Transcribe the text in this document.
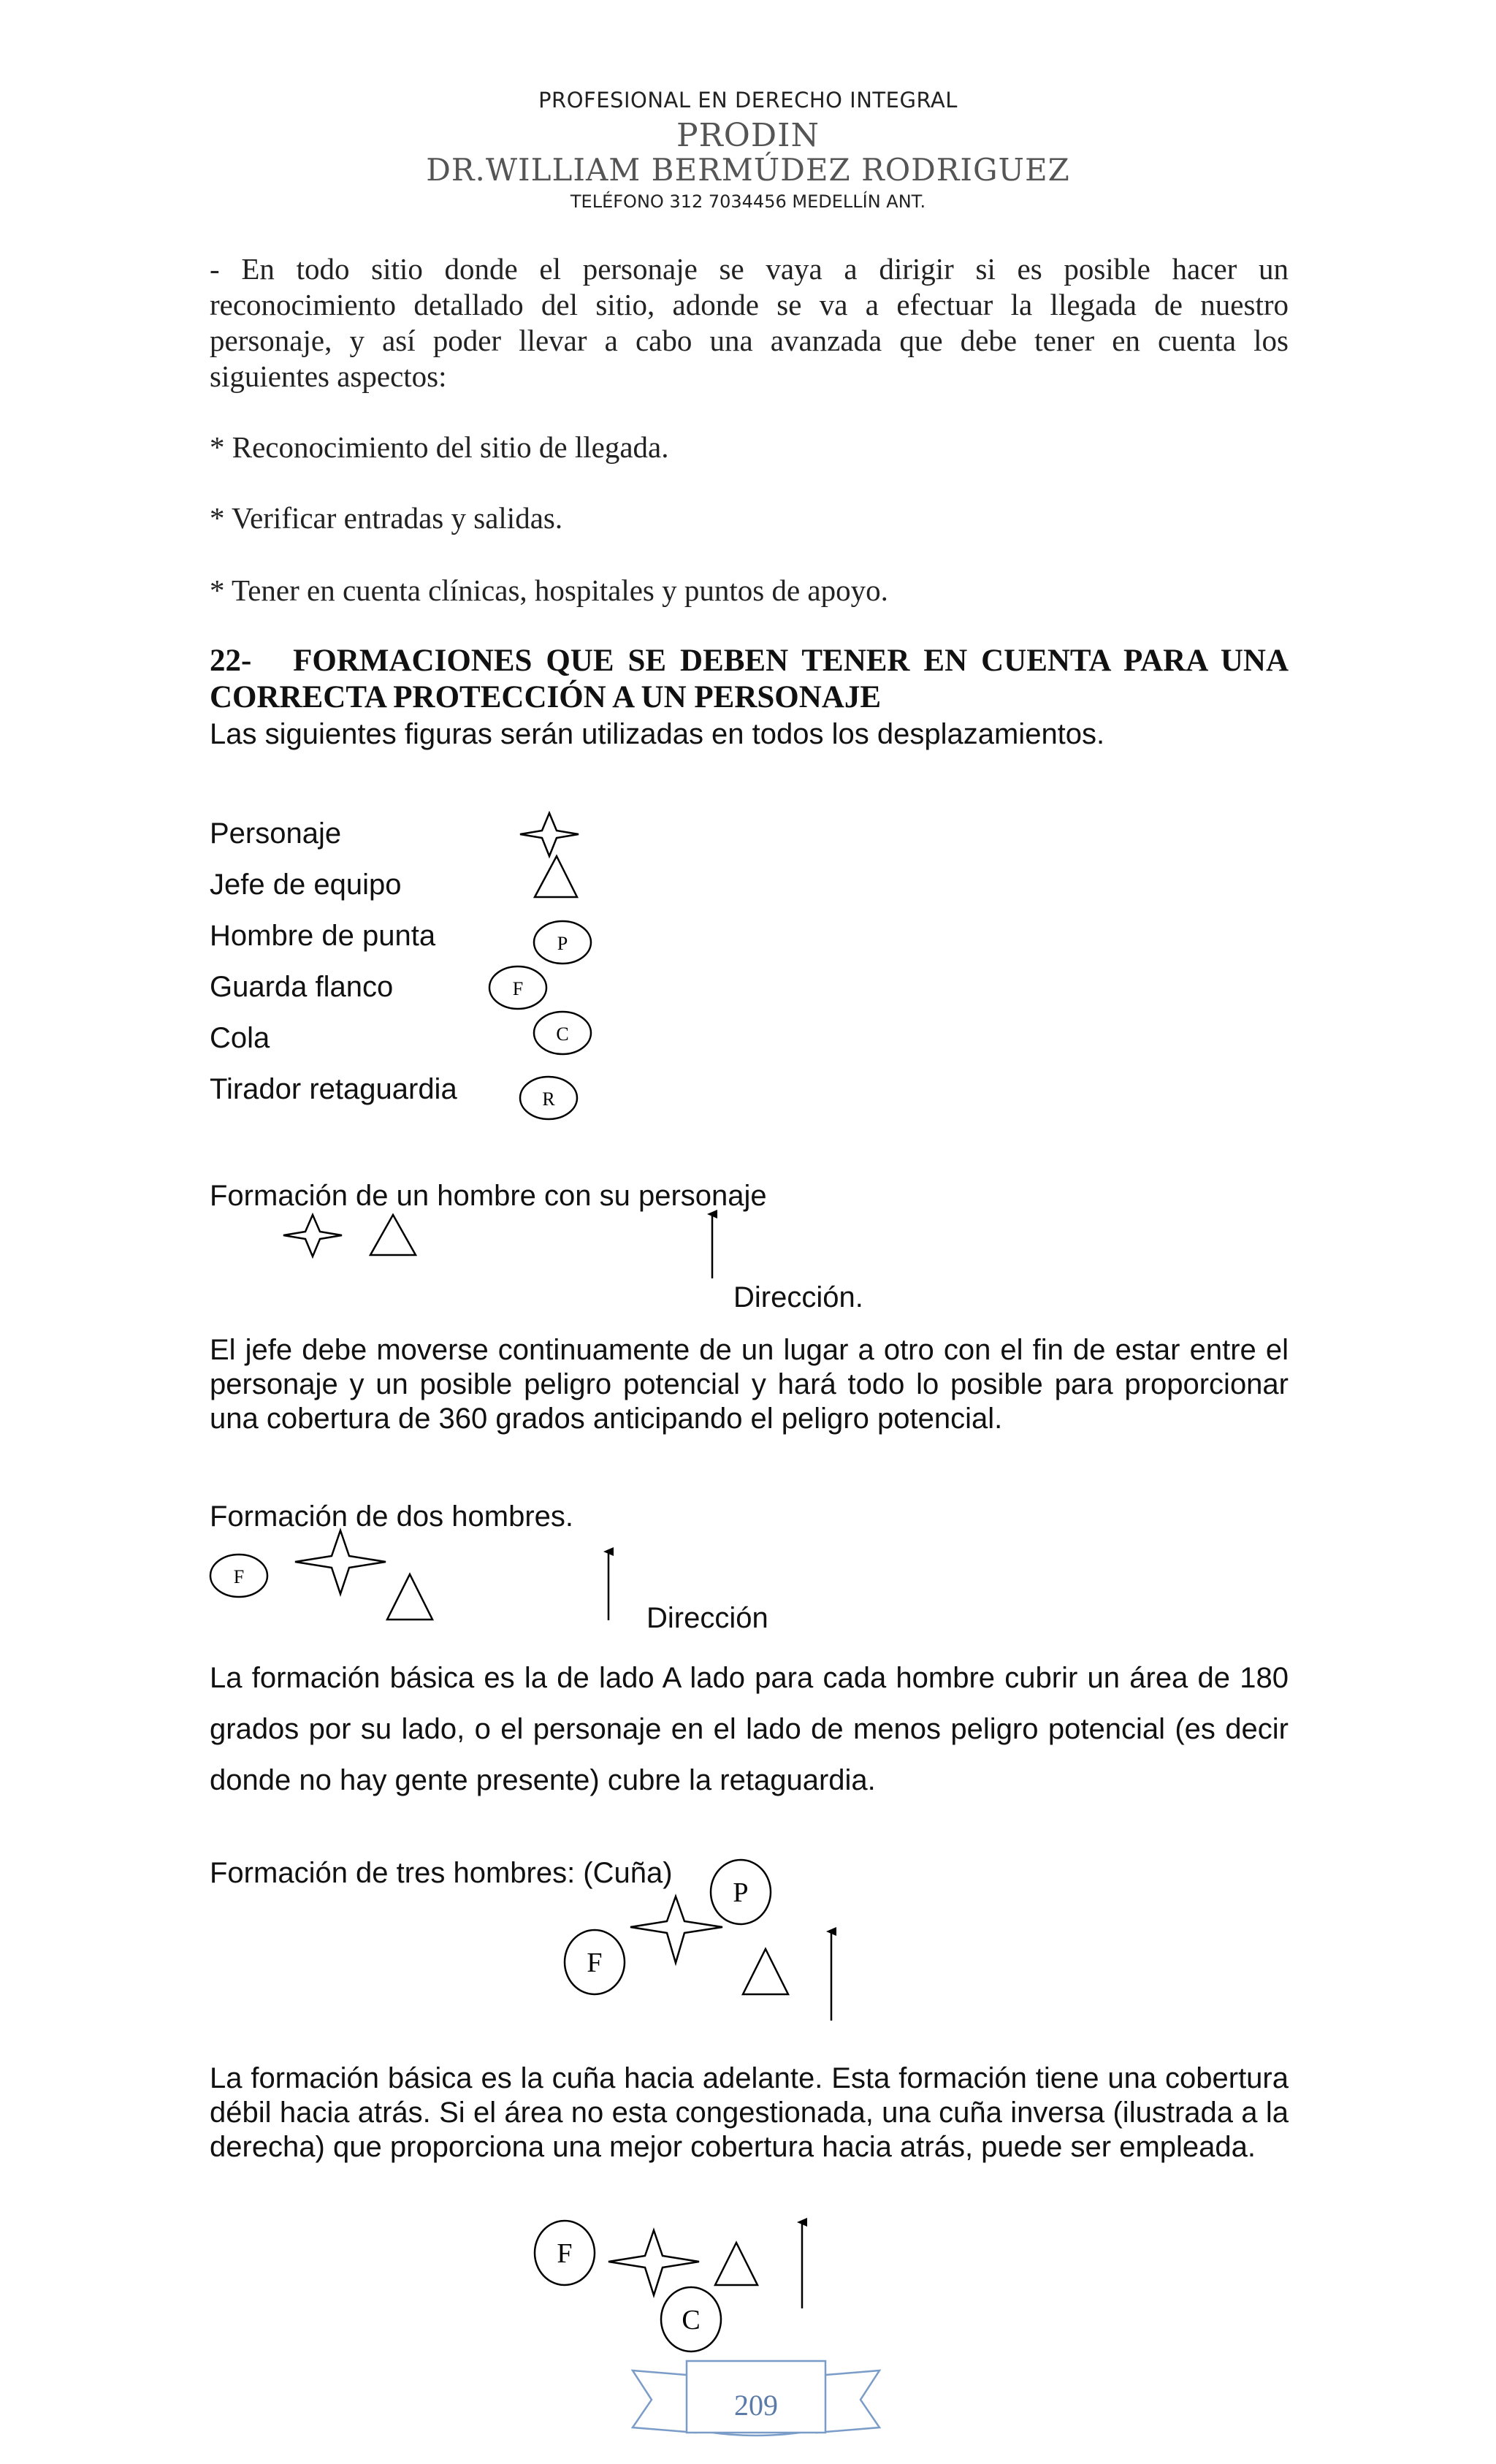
PROFESIONAL EN DERECHO INTEGRAL
PRODIN
DR.WILLIAM BERMÚDEZ RODRIGUEZ
TELÉFONO 312 7034456 MEDELLÍN ANT.
- En todo sitio donde el personaje se vaya a dirigir si es posible hacer un
reconocimiento detallado del sitio, adonde se va a efectuar la llegada de nuestro
personaje, y así poder llevar a cabo una avanzada que debe tener en cuenta los
siguientes aspectos:
* Reconocimiento del sitio de llegada.
* Verificar entradas y salidas.
* Tener en cuenta clínicas, hospitales y puntos de apoyo.
22-   FORMACIONES QUE SE DEBEN TENER EN CUENTA PARA UNA
CORRECTA PROTECCIÓN A UN PERSONAJE
Las siguientes figuras serán utilizadas en todos los desplazamientos.
Personaje
Jefe de equipo
Hombre de punta
Guarda flanco
Cola
Tirador retaguardia
Formación de un hombre con su personaje
Dirección.
El jefe debe moverse continuamente de un lugar a otro con el fin de estar entre el personaje y un posible peligro potencial y hará todo lo posible para proporcionar una cobertura de 360 grados anticipando el peligro potencial.
Formación de dos hombres.
Dirección
La formación básica es la de lado A lado para cada hombre cubrir un área de 180 grados por su lado, o el personaje en el lado de menos peligro potencial (es decir donde no hay gente presente) cubre la retaguardia.
Formación de tres hombres: (Cuña)
La formación básica es la cuña hacia adelante. Esta formación tiene una cobertura débil hacia atrás. Si el área no esta congestionada, una cuña inversa (ilustrada a la derecha) que proporciona una mejor cobertura hacia atrás, puede ser empleada.
P
F
C
R
F
P
F
F
C
209
